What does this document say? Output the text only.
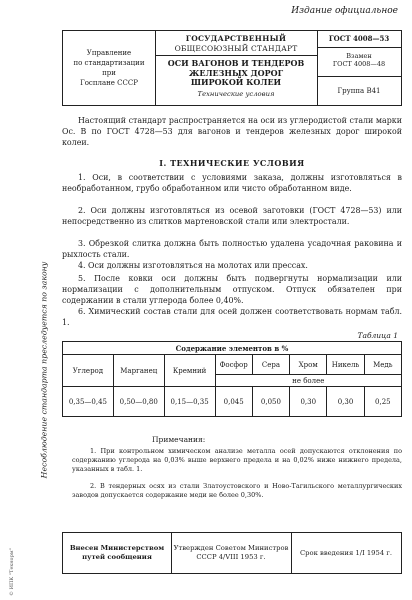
Издание официальное
Управление
по стандартизации
при
Госплане СССР
ГОСУДАРСТВЕННЫЙ
ОБЩЕСОЮЗНЫЙ СТАНДАРТ
ОСИ ВАГОНОВ И ТЕНДЕРОВ
ЖЕЛЕЗНЫХ ДОРОГ
ШИРОКОЙ КОЛЕИ
Технические условия
ГОСТ 4008—53
Взамен
ГОСТ 4008—48
Группа В41
Настоящий стандарт распространяется на оси из углеродистой стали марки Ос. В по ГОСТ 4728—53 для вагонов и тендеров железных дорог широкой колеи.
I. ТЕХНИЧЕСКИЕ УСЛОВИЯ
1. Оси, в соответствии с условиями заказа, должны изготовляться в необработанном, грубо обработанном или чисто обработанном виде.
2. Оси должны изготовляться из осевой заготовки (ГОСТ 4728—53) или непосредственно из слитков мартеновской стали или электростали.
3. Обрезкой слитка должна быть полностью удалена усадочная раковина и рыхлость стали.
4. Оси должны изготовляться на молотах или прессах.
5. После ковки оси должны быть подвергнуты нормализации или нормализации с дополнительным отпуском. Отпуск обязателен при содержании в стали углерода более 0,40%.
6. Химический состав стали для осей должен соответствовать нормам табл. 1.
Таблица 1
Содержание элементов в %							
Углерод	Марганец	Кремний	Фосфор	Сера	Хром	Никель	Медь
			не более				
0,35—0,45	0,50—0,80	0,15—0,35	0,045	0,050	0,30	0,30	0,25
Примечания:
1. При контрольном химическом анализе металла осей допускаются отклонения по содержанию углерода на 0,03% выше верхнего предела и на 0,02% ниже нижнего предела, указанных в табл. 1.
2. В тендерных осях из стали Златоустовского и Ново-Тагильского металлургических заводов допускается содержание меди не более 0,30%.
Внесен Министерством путей сообщения
Утвержден Советом Министров СССР 4/VIII 1953 г.
Срок введения 1/I 1954 г.
Несоблюдение стандарта преследуется по закону
© ИПК "Технорм"
